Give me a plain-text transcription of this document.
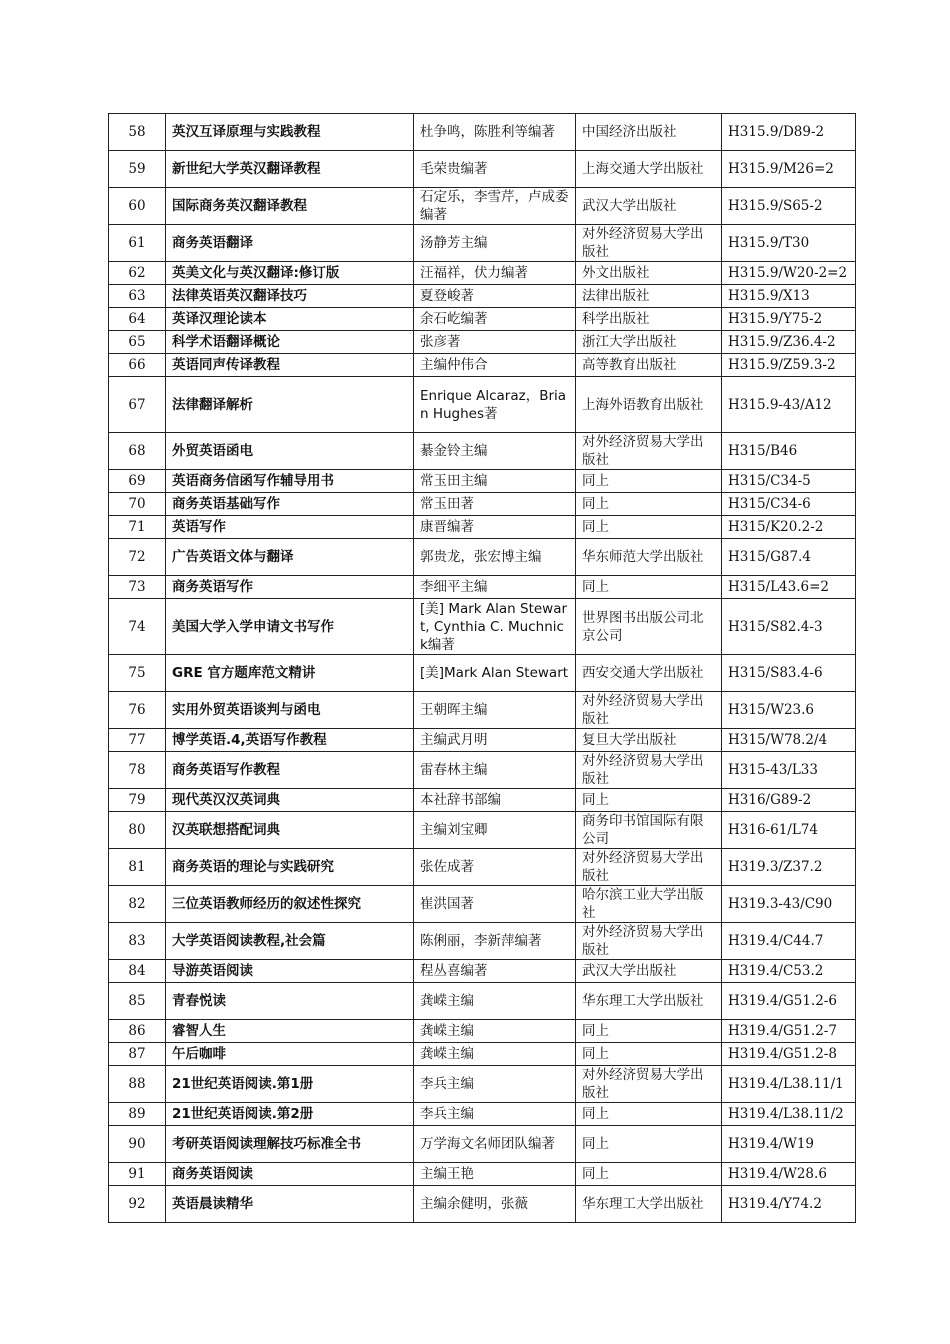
58	英汉互译原理与实践教程	杜争鸣，陈胜利等编著	中国经济出版社	H315.9/D89-2
59	新世纪大学英汉翻译教程	毛荣贵编著	上海交通大学出版社	H315.9/M26=2
60	国际商务英汉翻译教程	石定乐，李雪芹，卢成委编著	武汉大学出版社	H315.9/S65-2
61	商务英语翻译	汤静芳主编	对外经济贸易大学出版社	H315.9/T30
62	英美文化与英汉翻译:修订版	汪福祥，伏力编著	外文出版社	H315.9/W20-2=2
63	法律英语英汉翻译技巧	夏登峻著	法律出版社	H315.9/X13
64	英译汉理论读本	余石屹编著	科学出版社	H315.9/Y75-2
65	科学术语翻译概论	张彦著	浙江大学出版社	H315.9/Z36.4-2
66	英语同声传译教程	主编仲伟合	高等教育出版社	H315.9/Z59.3-2
67	法律翻译解析	Enrique Alcaraz，Brian Hughes著	上海外语教育出版社	H315.9-43/A12
68	外贸英语函电	綦金铃主编	对外经济贸易大学出版社	H315/B46
69	英语商务信函写作辅导用书	常玉田主编	同上	H315/C34-5
70	商务英语基础写作	常玉田著	同上	H315/C34-6
71	英语写作	康晋编著	同上	H315/K20.2-2
72	广告英语文体与翻译	郭贵龙，张宏博主编	华东师范大学出版社	H315/G87.4
73	商务英语写作	李细平主编	同上	H315/L43.6=2
74	美国大学入学申请文书写作	[美] Mark Alan Stewart, Cynthia C. Muchnick编著	世界图书出版公司北京公司	H315/S82.4-3
75	GRE 官方题库范文精讲	[美]Mark Alan Stewart	西安交通大学出版社	H315/S83.4-6
76	实用外贸英语谈判与函电	王朝晖主编	对外经济贸易大学出版社	H315/W23.6
77	博学英语.4,英语写作教程	主编武月明	复旦大学出版社	H315/W78.2/4
78	商务英语写作教程	雷春林主编	对外经济贸易大学出版社	H315-43/L33
79	现代英汉汉英词典	本社辞书部编	同上	H316/G89-2
80	汉英联想搭配词典	主编刘宝卿	商务印书馆国际有限公司	H316-61/L74
81	商务英语的理论与实践研究	张佐成著	对外经济贸易大学出版社	H319.3/Z37.2
82	三位英语教师经历的叙述性探究	崔洪国著	哈尔滨工业大学出版社	H319.3-43/C90
83	大学英语阅读教程,社会篇	陈俐丽，李新萍编著	对外经济贸易大学出版社	H319.4/C44.7
84	导游英语阅读	程丛喜编著	武汉大学出版社	H319.4/C53.2
85	青春悦读	龚嵘主编	华东理工大学出版社	H319.4/G51.2-6
86	睿智人生	龚嵘主编	同上	H319.4/G51.2-7
87	午后咖啡	龚嵘主编	同上	H319.4/G51.2-8
88	21世纪英语阅读.第1册	李兵主编	对外经济贸易大学出版社	H319.4/L38.11/1
89	21世纪英语阅读.第2册	李兵主编	同上	H319.4/L38.11/2
90	考研英语阅读理解技巧标准全书	万学海文名师团队编著	同上	H319.4/W19
91	商务英语阅读	主编王艳	同上	H319.4/W28.6
92	英语晨读精华	主编余健明，张薇	华东理工大学出版社	H319.4/Y74.2
